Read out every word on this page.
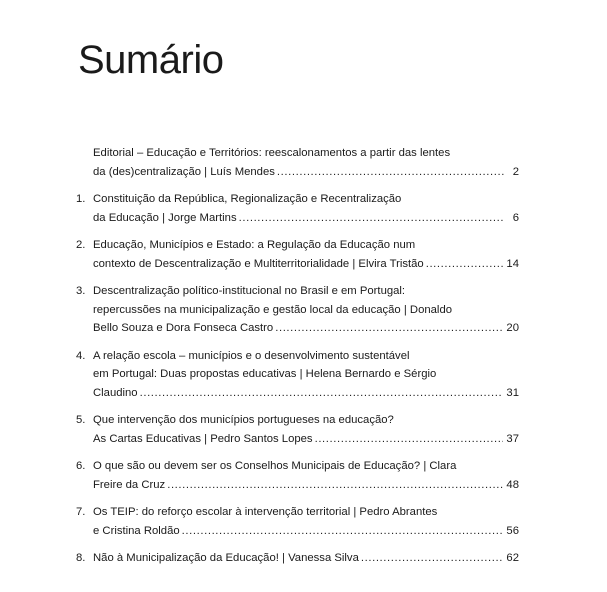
Sumário
Editorial – Educação e Territórios: reescalonamentos a partir das lentes
da (des)centralização | Luís Mendes .....	2
1. Constituição da República, Regionalização e Recentralização
da Educação | Jorge Martins .....	6
2. Educação, Municípios e Estado: a Regulação da Educação num
contexto de Descentralização e Multiterritorialidade | Elvira Tristão .....	14
3. Descentralização político-institucional no Brasil e em Portugal:
repercussões na municipalização e gestão local da educação | Donaldo
Bello Souza e Dora Fonseca Castro .....	20
4. A relação escola – municípios e o desenvolvimento sustentável
em Portugal: Duas propostas educativas | Helena Bernardo e Sérgio
Claudino .....	31
5. Que intervenção dos municípios portugueses na educação?
As Cartas Educativas | Pedro Santos Lopes .....	37
6. O que são ou devem ser os Conselhos Municipais de Educação? | Clara
Freire da Cruz .....	48
7. Os TEIP: do reforço escolar à intervenção territorial | Pedro Abrantes
e Cristina Roldão .....	56
8. Não à Municipalização da Educação! | Vanessa Silva .....	62
